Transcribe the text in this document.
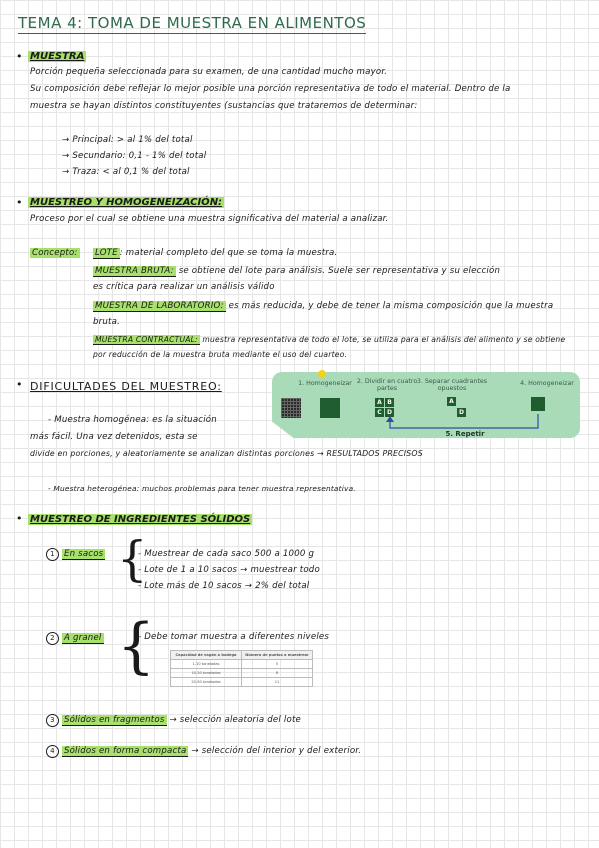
TEMA 4: TOMA DE MUESTRA EN ALIMENTOS
• MUESTRA
Porción pequeña seleccionada para su examen, de una cantidad mucho mayor.
Su composición debe reflejar lo mejor posible una porción representativa de todo el material. Dentro de la
muestra se hayan distintos constituyentes (sustancias que trataremos de determinar:
→ Principal: > al 1% del total
→ Secundario: 0,1 - 1% del total
→ Traza: < al 0,1 % del total
• MUESTREO Y HOMOGENEIZACIÓN:
Proceso por el cual se obtiene una muestra significativa del material a analizar.
Concepto: LOTE : material completo del que se toma la muestra.
MUESTRA BRUTA: se obtiene del lote para análisis. Suele ser representativa y su elección
es crítica para realizar un análisis válido
MUESTRA DE LABORATORIO: es más reducida, y debe de tener la misma composición que la muestra
bruta.
MUESTRA CONTRACTUAL: muestra representativa de todo el lote, se utiliza para el análisis del alimento y se obtiene
por reducción de la muestra bruta mediante el uso del cuarteo.
• DIFICULTADES DEL MUESTREO:	1. Homogeneizar 2. Dividir en cuatro partes
3. Separar cuadrantes opuestos
4. Homogeneizar
A B
C D
A
D
5. Repetir
- Muestra homogénea: es la situación
más fácil. Una vez detenidos, esta se
divide en porciones, y aleatoriamente se analizan distintas porciones → RESULTADOS PRECISOS
- Muestra heterogénea: muchos problemas para tener muestra representativa.
• MUESTREO DE INGREDIENTES SÓLIDOS
1 En sacos {
- Muestrear de cada saco 500 a 1000 g
- Lote de 1 a 10 sacos → muestrear todo
- Lote más de 10 sacos → 2% del total
2 A granel {
- Debe tomar muestra a diferentes niveles
Capacidad de vagón o bodega	Número de puntos a muestrear
1-10 toneladas	5
10-20 toneladas	8
20-50 toneladas	11
3 Sólidos en fragmentos → selección aleatoria del lote
4 Sólidos en forma compacta → selección del interior y del exterior.
